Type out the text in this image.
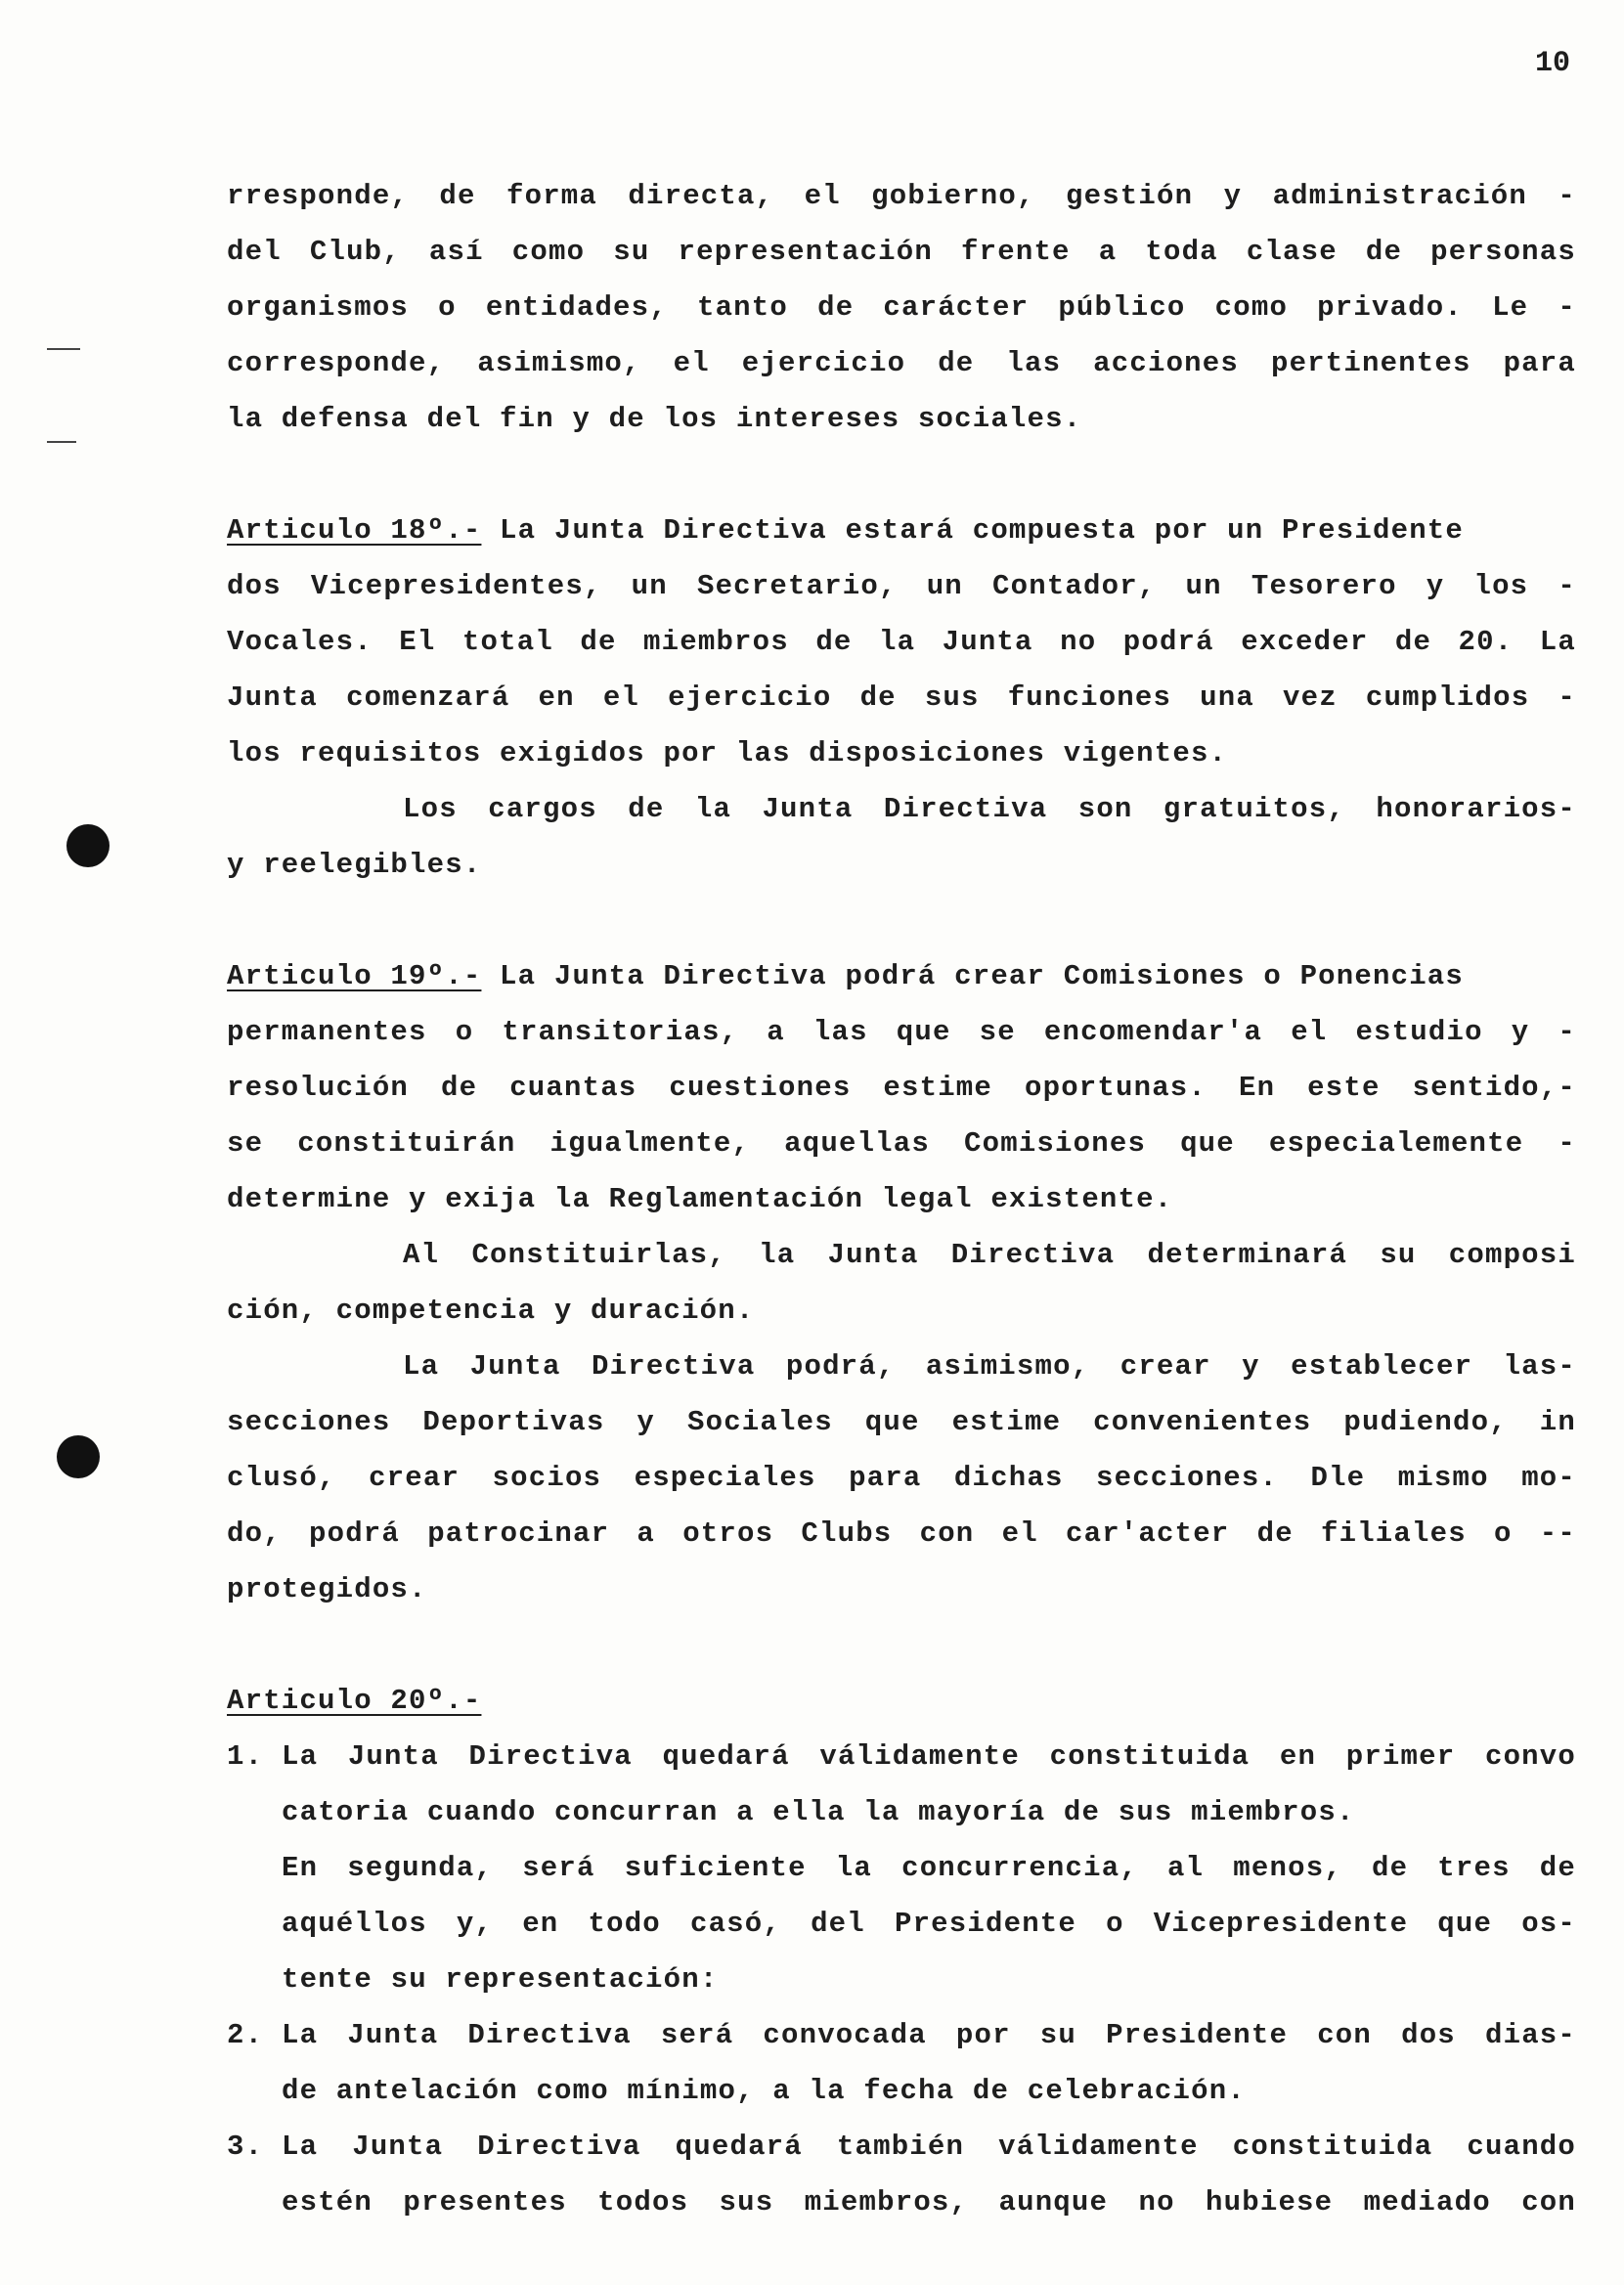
10
rresponde, de forma directa, el gobierno, gestión y administración -
del Club, así como su representación frente a toda clase de personas
organismos o entidades, tanto de carácter público como privado. Le -
corresponde, asimismo, el ejercicio de las acciones pertinentes para
la defensa del fin y de los intereses sociales.
Articulo 18º.- La Junta Directiva estará compuesta por un Presidente
dos Vicepresidentes, un Secretario, un Contador, un Tesorero y los -
Vocales. El total de miembros de la Junta no podrá exceder de 20. La
Junta comenzará en el ejercicio de sus funciones una vez cumplidos -
los requisitos exigidos por las disposiciones vigentes.
Los cargos de la Junta Directiva son gratuitos, honorarios-
y reelegibles.
Articulo 19º.- La Junta Directiva podrá crear Comisiones o Ponencias
permanentes o transitorias, a las que se encomendar'a el estudio y -
resolución de cuantas cuestiones estime oportunas. En este sentido,-
se constituirán igualmente, aquellas Comisiones que especialemente -
determine y exija la Reglamentación legal existente.
Al Constituirlas, la Junta Directiva determinará su composi
ción, competencia y duración.
La Junta Directiva podrá, asimismo, crear y establecer las-
secciones Deportivas y Sociales que estime convenientes pudiendo, in
clusó, crear socios especiales para dichas secciones. Dle mismo mo-
do, podrá patrocinar a otros Clubs con el car'acter de filiales o --
protegidos.
Articulo 20º.-
1. La Junta Directiva quedará válidamente constituida en primer convo
catoria cuando concurran a ella la mayoría de sus miembros.
En segunda, será suficiente la concurrencia, al menos, de tres de
aquéllos y, en todo casó, del Presidente o Vicepresidente que os-
tente su representación:
2. La Junta Directiva será convocada por su Presidente con dos dias-
de antelación como mínimo, a la fecha de celebración.
3. La Junta Directiva quedará también válidamente constituida cuando
estén presentes todos sus miembros, aunque no hubiese mediado con
